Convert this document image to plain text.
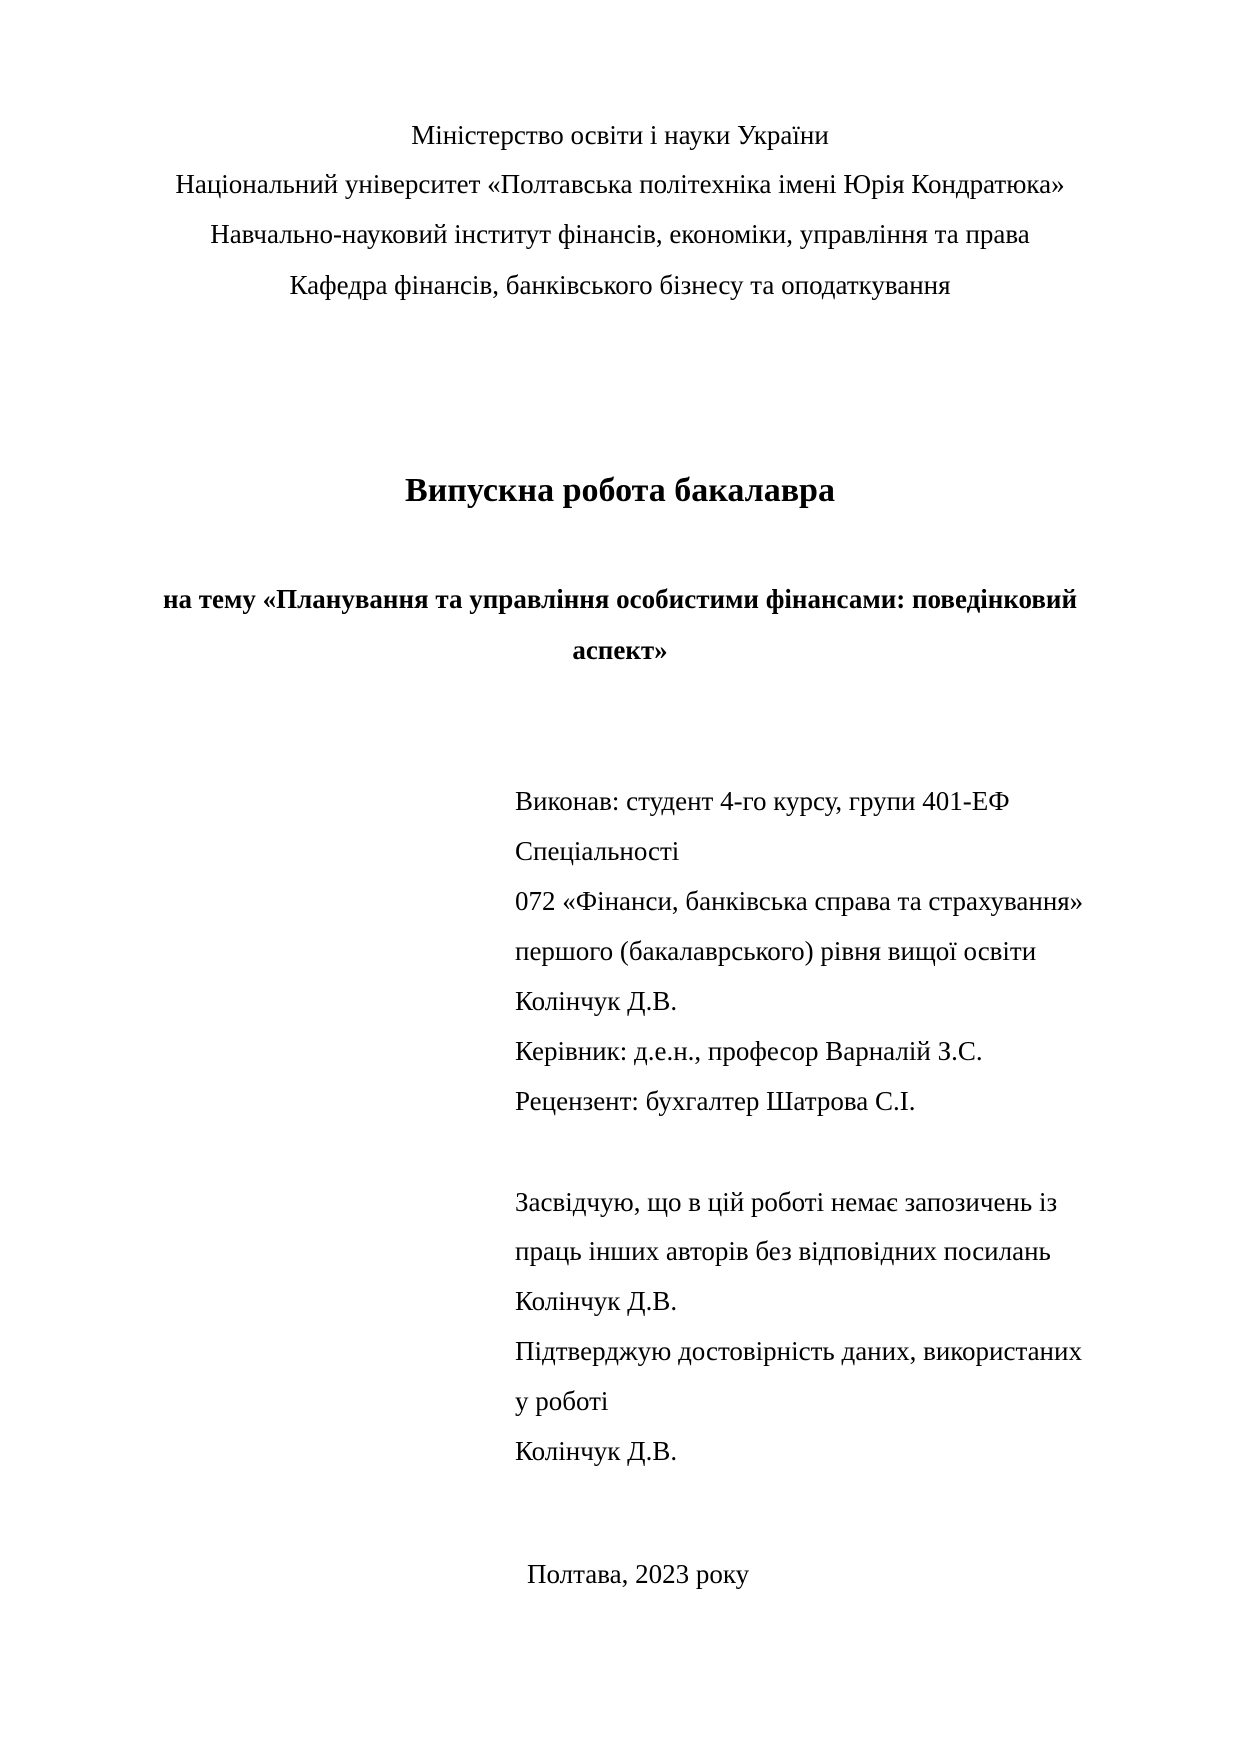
Міністерство освіти і науки України
Національний університет «Полтавська політехніка імені Юрія Кондратюка»
Навчально-науковий інститут фінансів, економіки, управління та права
Кафедра фінансів, банківського бізнесу та оподаткування
Випускна робота бакалавра
на тему «Планування та управління особистими фінансами: поведінковий
аспект»
Виконав: студент 4-го курсу, групи 401-ЕФ
Спеціальності
072 «Фінанси, банківська справа та страхування»
першого (бакалаврського) рівня вищої освіти
Колінчук Д.В.
Керівник: д.е.н., професор Варналій З.С.
Рецензент: бухгалтер Шатрова С.І.
Засвідчую, що в цій роботі немає запозичень із
праць інших авторів без відповідних посилань
Колінчук Д.В.
Підтверджую достовірність даних, використаних
у роботі
Колінчук Д.В.
Полтава, 2023 року
